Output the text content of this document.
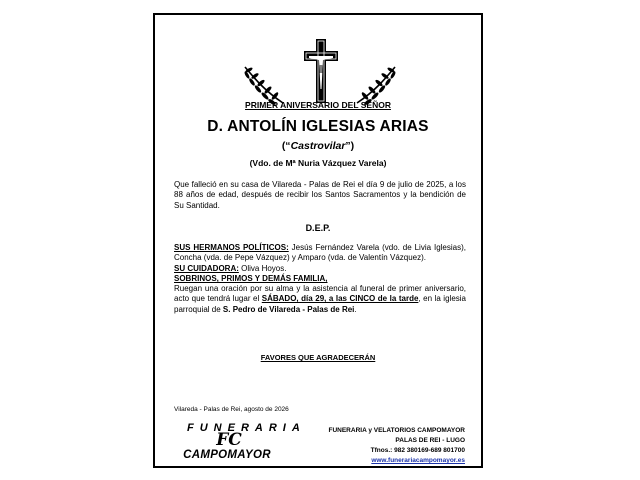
PRIMER ANIVERSARIO DEL SEÑOR
D. ANTOLÍN IGLESIAS ARIAS
(“Castrovilar”)
(Vdo. de Mª Nuria Vázquez Varela)
Que falleció en su casa de Vilareda - Palas de Rei el día 9 de julio de 2025, a los 88 años de edad, después de recibir los Santos Sacramentos y la bendición de Su Santidad.
D.E.P.

SUS HERMANOS POLÍTICOS: Jesús Fernández Varela (vdo. de Livia Iglesias), Concha (vda. de Pepe Vázquez) y Amparo (vda. de Valentín Vázquez).

SU CUIDADORA: Oliva Hoyos.

SOBRINOS, PRIMOS Y DEMÁS FAMILIA,

Ruegan una oración por su alma y la asistencia al funeral de primer aniversario, acto que tendrá lugar el SÁBADO, día 29, a las CINCO de la tarde, en la iglesia parroquial de S. Pedro de Vilareda - Palas de Rei.

FAVORES QUE AGRADECERÁN
Vilareda - Palas de Rei, agosto de 2026
FUNERARIA
FC
CAMPOMAYOR
FUNERARIA y VELATORIOS CAMPOMAYOR
PALAS DE REI - LUGO
Tfnos.: 982 380169-689 801700
www.funerariacampomayor.es
